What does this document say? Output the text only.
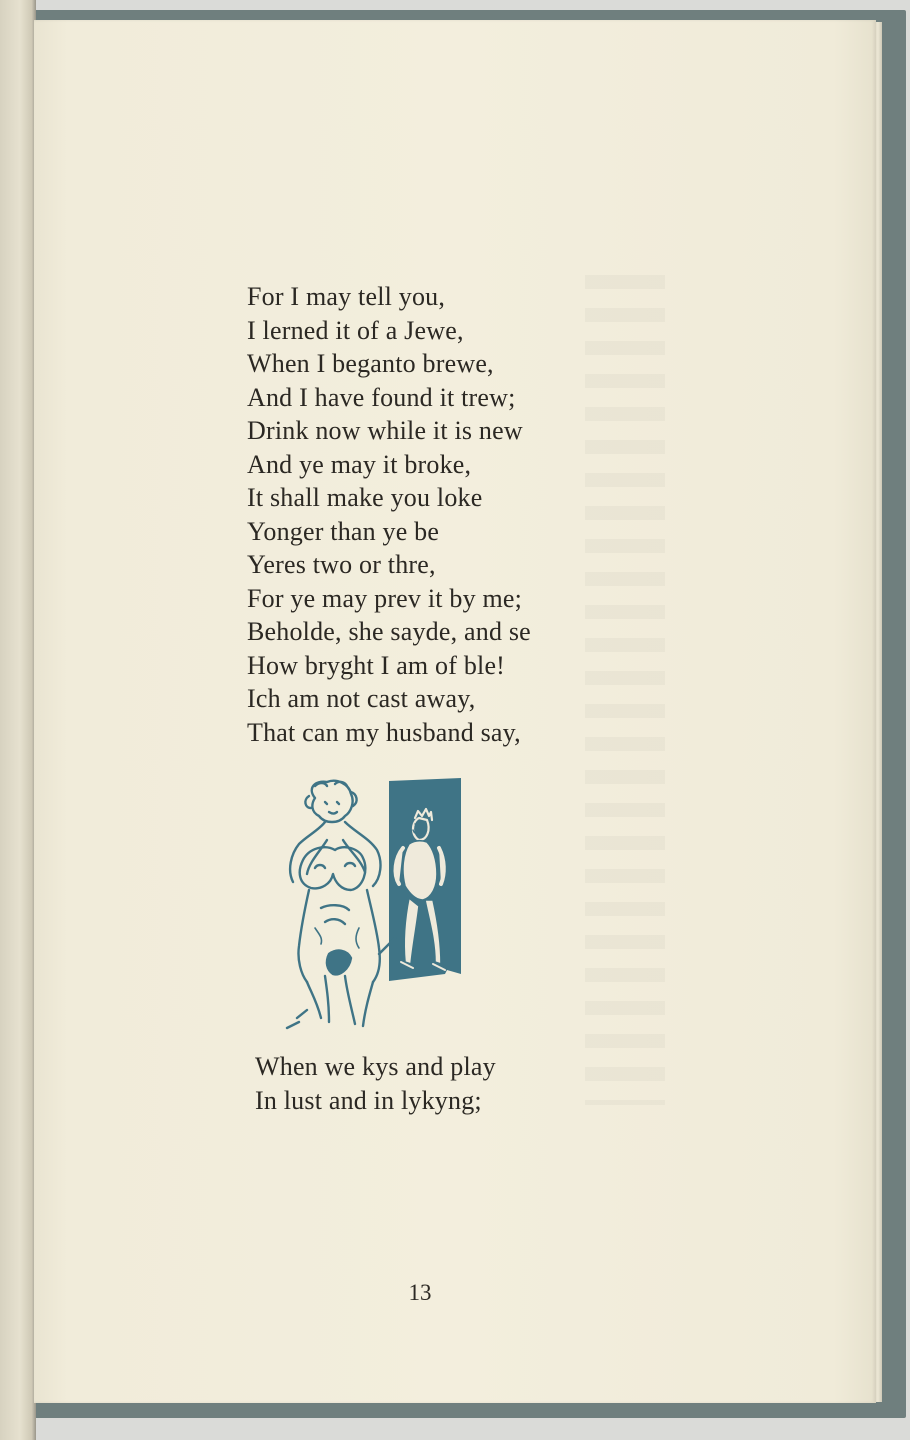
For I may tell you,
I lerned it of a Jewe,
When I beganto brewe,
And I have found it trew;
Drink now while it is new
And ye may it broke,
It shall make you loke
Yonger than ye be
Yeres two or thre,
For ye may prev it by me;
Beholde, she sayde, and se
How bryght I am of ble!
Ich am not cast away,
That can my husband say,
When we kys and play
In lust and in lykyng;
13
